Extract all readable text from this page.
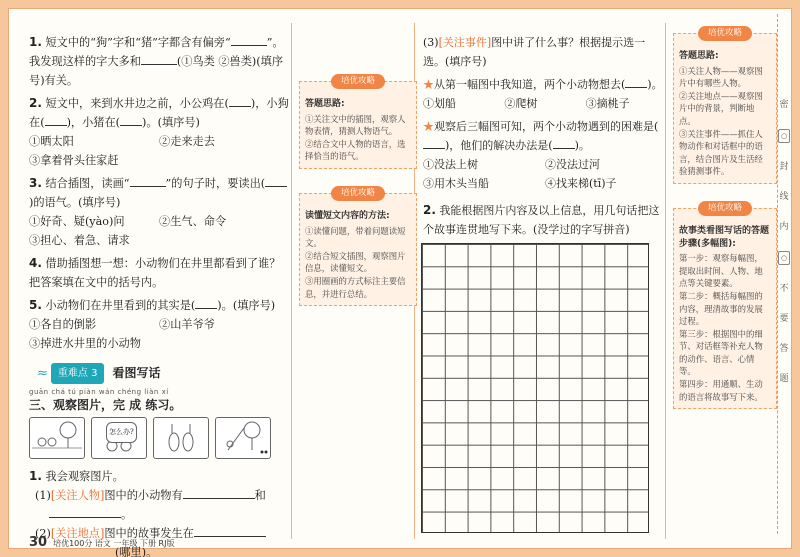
1. 短文中的“狗”字和“猪”字都含有偏旁“	”。我发现这样的字大多和	(①鸟类 ②兽类)(填序号)有关。
2. 短文中，来到水井边之前，小公鸡在( )，小狗在( )，小猪在( )。(填序号)
①晒太阳	②走来走去
③拿着骨头往家赶
3. 结合插图，读画“	”的句子时，要读出()的语气。(填序号)
①好奇、疑(yào)问	②生气、命令
③担心、着急、请求
4. 借助插图想一想：小动物们在井里都看到了谁？把答案填在文中的括号内。
5. 小动物们在井里看到的其实是( )。(填序号)
①各自的倒影	②山羊爷爷
③掉进水井里的小动物
≈	重难点 3	看图写话
guān chá tú piàn wán chéng liàn xí
三、观察图片，完 成 练习。
怎么办?
1. 我会观察图片。
(1)[关注人物]图中的小动物有	和
。
(2)[关注地点]图中的故事发生在
(哪里)。
培优攻略
答题思路:
①关注文中的插图，观察人物表情，猜测人物语气。
②结合文中人物的语言，选择恰当的语气。
培优攻略
读懂短文内容的方法:
①读懂问题，带着问题读短文。
②结合短文插图，观察图片信息，读懂短文。
③用圈画的方式标注主要信息，并进行总结。
(3)[关注事件]图中讲了什么事？根据提示选一选。(填序号)
★从第一幅图中我知道，两个小动物想去( )。
①划船	②爬树	③摘桃子
★观察后三幅图可知，两个小动物遇到的困难是()，他们的解决办法是( )。
①没法上树	②没法过河
③用木头当船	④找来梯(tī)子
2. 我能根据图片内容及以上信息，用几句话把这个故事连贯地写下来。(没学过的字写拼音)
培优攻略
答题思路:
①关注人物——观察图片中有哪些人物。
②关注地点——观察图片中的背景，判断地点。
③关注事件——抓住人物动作和对话框中的语言，结合图片及生活经验猜测事件。
培优攻略
故事类看图写话的答题步骤(多幅图):
第一步：观察每幅图，提取出时间、人物、地点等关键要素。
第二步：概括每幅图的内容，理清故事的发展过程。
第三步：根据图中的细节、对话框等补充人物的动作、语言、心情等。
第四步：用通顺、生动的语言将故事写下来。
30 培优100分 语文 一年级 下册 RJ版
密
○
封
线
内
○
不
要
答
题
